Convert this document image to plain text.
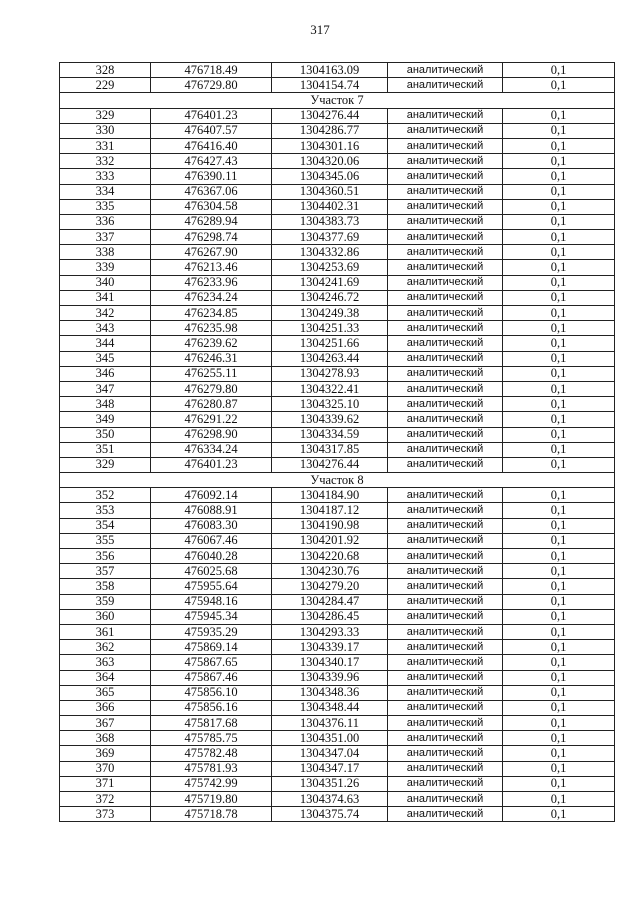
317
328	476718.49	1304163.09	аналитический	0,1
229	476729.80	1304154.74	аналитический	0,1
Участок 7				
329	476401.23	1304276.44	аналитический	0,1
330	476407.57	1304286.77	аналитический	0,1
331	476416.40	1304301.16	аналитический	0,1
332	476427.43	1304320.06	аналитический	0,1
333	476390.11	1304345.06	аналитический	0,1
334	476367.06	1304360.51	аналитический	0,1
335	476304.58	1304402.31	аналитический	0,1
336	476289.94	1304383.73	аналитический	0,1
337	476298.74	1304377.69	аналитический	0,1
338	476267.90	1304332.86	аналитический	0,1
339	476213.46	1304253.69	аналитический	0,1
340	476233.96	1304241.69	аналитический	0,1
341	476234.24	1304246.72	аналитический	0,1
342	476234.85	1304249.38	аналитический	0,1
343	476235.98	1304251.33	аналитический	0,1
344	476239.62	1304251.66	аналитический	0,1
345	476246.31	1304263.44	аналитический	0,1
346	476255.11	1304278.93	аналитический	0,1
347	476279.80	1304322.41	аналитический	0,1
348	476280.87	1304325.10	аналитический	0,1
349	476291.22	1304339.62	аналитический	0,1
350	476298.90	1304334.59	аналитический	0,1
351	476334.24	1304317.85	аналитический	0,1
329	476401.23	1304276.44	аналитический	0,1
Участок 8				
352	476092.14	1304184.90	аналитический	0,1
353	476088.91	1304187.12	аналитический	0,1
354	476083.30	1304190.98	аналитический	0,1
355	476067.46	1304201.92	аналитический	0,1
356	476040.28	1304220.68	аналитический	0,1
357	476025.68	1304230.76	аналитический	0,1
358	475955.64	1304279.20	аналитический	0,1
359	475948.16	1304284.47	аналитический	0,1
360	475945.34	1304286.45	аналитический	0,1
361	475935.29	1304293.33	аналитический	0,1
362	475869.14	1304339.17	аналитический	0,1
363	475867.65	1304340.17	аналитический	0,1
364	475867.46	1304339.96	аналитический	0,1
365	475856.10	1304348.36	аналитический	0,1
366	475856.16	1304348.44	аналитический	0,1
367	475817.68	1304376.11	аналитический	0,1
368	475785.75	1304351.00	аналитический	0,1
369	475782.48	1304347.04	аналитический	0,1
370	475781.93	1304347.17	аналитический	0,1
371	475742.99	1304351.26	аналитический	0,1
372	475719.80	1304374.63	аналитический	0,1
373	475718.78	1304375.74	аналитический	0,1
